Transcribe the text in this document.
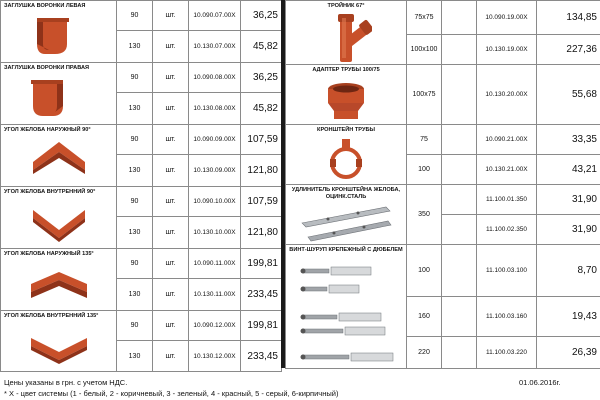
ЗАГЛУШКА ВОРОНКИ ЛЕВАЯ	90	шт.	10.090.07.00X	36,25
	130	шт.	10.130.07.00X	45,82

ЗАГЛУШКА ВОРОНКИ ПРАВАЯ	90	шт.	10.090.08.00X	36,25
	130	шт.	10.130.08.00X	45,82

УГОЛ ЖЕЛОБА НАРУЖНЫЙ 90°	90	шт.	10.090.09.00X	107,59
	130	шт.	10.130.09.00X	121,80

УГОЛ ЖЕЛОБА ВНУТРЕННИЙ 90°	90	шт.	10.090.10.00X	107,59
	130	шт.	10.130.10.00X	121,80

УГОЛ ЖЕЛОБА НАРУЖНЫЙ 135°	90	шт.	10.090.11.00X	199,81
	130	шт.	10.130.11.00X	233,45

УГОЛ ЖЕЛОБА ВНУТРЕННИЙ 135°	90	шт.	10.090.12.00X	199,81
	130	шт.	10.130.12.00X	233,45
ТРОЙНИК 67°	75x75		10.090.19.00X	134,85
	100x100		10.130.19.00X	227,36

АДАПТЕР ТРУБЫ 100/75	100x75		10.130.20.00X	55,68

КРОНШТЕЙН ТРУБЫ	75		10.090.21.00X	33,35
	100		10.130.21.00X	43,21

УДЛИНИТЕЛЬ КРОНШТЕЙНА ЖЕЛОБА, ОЦИНК.СТАЛЬ	350		11.100.01.350	31,90
			11.100.02.350	31,90

ВИНТ-ШУРУП КРЕПЕЖНЫЙ С ДЮБЕЛЕМ	100		11.100.03.100	8,70
	160		11.100.03.160	19,43
	220		11.100.03.220	26,39
Цены указаны в грн. с учетом НДС.	01.06.2016г.
* X - цвет системы (1 - белый, 2 - коричневый, 3 - зеленый, 4 - красный, 5 - серый, 6-кирпичный)
